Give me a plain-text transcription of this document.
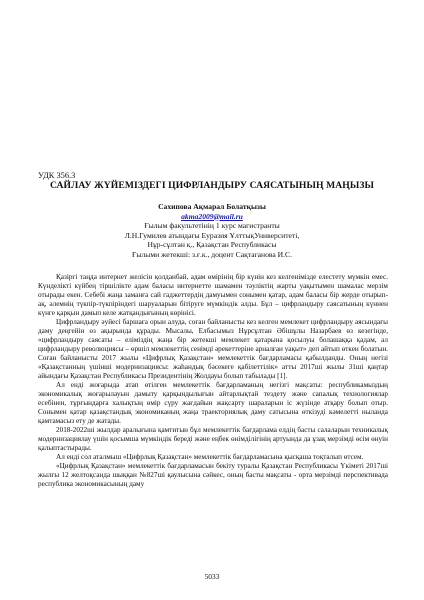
УДК 356.3
САЙЛАУ ЖҮЙЕМІЗДЕГІ ЦИФРЛАНДЫРУ САЯСАТЫНЫҢ МАҢЫЗЫ
Сахипова Ақмарал Болатқызы
akma2009@mail.ru
Ғылым факультетінің 1 курс магистранты
Л.Н.Гумилев атындағы Еуразия ҰлттықУниверситеті,
Нұр-сұлтан қ., Қазақстан Республикасы
Ғылыми жетекші: з.ғ.к., доцент Сақтаганова И.С.

Қазіргі таңда интернет желісін қолданбай, адам өмірінің бір күнін кез келгенімізде елестету мүмкін емес. Күнделікті күйбең тіршілікте адам баласы интернетте шамамен тәуліктің жарты уақытымен шамалас мерзім отырады екен. Себебі жаңа заманға сай гаджеттердің дамуымен сонымен қатар, адам баласы бір жерде отырып-ақ, әлемнің түкпір-түкпіріндегі шаруаларын бітіруге мүмкіндік алды. Бұл – цифрландыру саясатының күннен күнге қарқын дамып келе жатқандығының көрінісі.

Цифрландыру әуйесі баршаға орын алуда, соған байланысты кез келген мемлекет цифрландыру аясындағы даму деңгейін өз ақырында құрады. Мысалы, Елбасымыз Нұрсұлтан Әбішұлы Назарбаев өз кезегінде, «цифрландыру саясаты – еліміздің жаңа бір жетекші мемлекет қатарына қосылуы болашаққа қадам, ал цифрландыру революциясы – өршіл мемлекеттің сенімді әрекеттеріне арналған уақыт» деп айтып өткен болатын. Соған байланысты 2017 жылы «Цифрлық Қазақстан» мемлекеттік бағдарламасы қабылданды. Оның негізі «Қазақстанның үшінші модернизациясы: жаһандық бәсекеге қабілеттілік» атты 2017ші жылы 31ші қаңтар айындағы Қазақстан Республикасы Президентінің Жолдауы болып табылады [1].

Ал енді жоғарыда атап өтілген мемлекеттік бағдарламаның негізгі мақсаты: республикамыздың экономикалық жоғарылауын дамыту қарқындылығын айтарлықтай тездету және сапалық технологиялар есебінен, тұрғындарға халықтың өмір сүру жағдайын жақсарту шараларын іс жүзінде атқару болып отыр. Сонымен қатар қазақстандық экономиканың жаңа траекториялық даму сатысына өткізуді кәмелетті ныланда қамтамасыз ету де жатады.

2018-2022ші жылдар аралығына қамтитын бұл мемлекеттік бағдарлама елдің басты салаларын техникалық модернизациялау үшін қосымша мүмкіндік береді және еңбек өнімділігінің артуында да ұзақ мерзімді өсім өнуін қалыптастырады.

Ал енді сол аталмыш «Цифрлық Қазақстан» мемлекеттік бағдарламасына қысқаша тоқталып өтсем.

«Цифрлық Қазақстан» мемлекеттік бағдарламасын бекіту туралы Қазақстан Республикасы Үкіметі 2017ші жылғы 12 желтоқсанда шыққан №827ші қаулысына сәйкес, оның басты мақсаты - орта мерзімді перспективада республика экономикасының даму

5033
